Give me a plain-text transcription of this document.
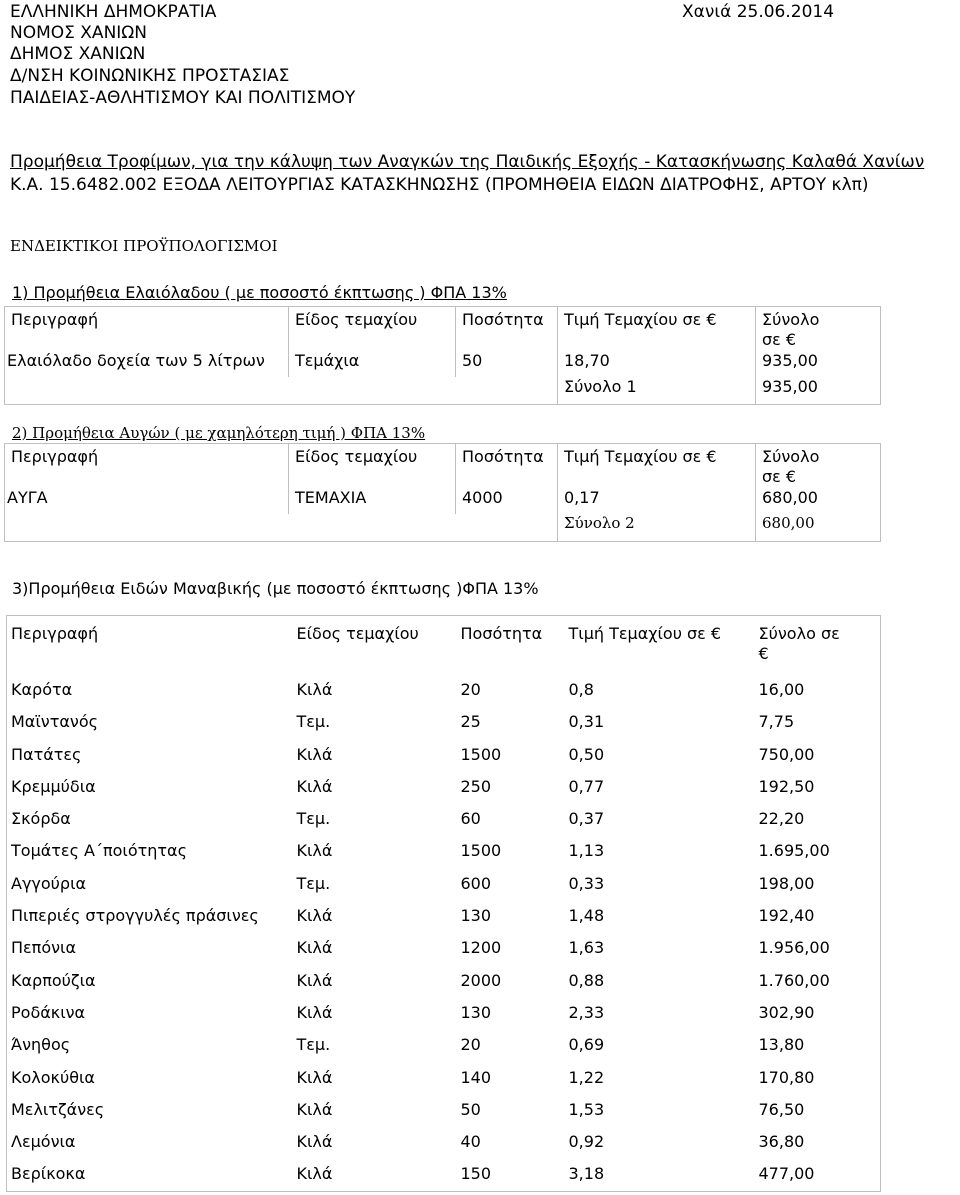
ΕΛΛΗΝΙΚΗ ΔΗΜΟΚΡΑΤΙΑ
ΝΟΜΟΣ ΧΑΝΙΩΝ
ΔΗΜΟΣ ΧΑΝΙΩΝ
Δ/ΝΣΗ ΚΟΙΝΩΝΙΚΗΣ ΠΡΟΣΤΑΣΙΑΣ
ΠΑΙΔΕΙΑΣ-ΑΘΛΗΤΙΣΜΟΥ ΚΑΙ ΠΟΛΙΤΙΣΜΟΥ
Χανιά 25.06.2014
Προμήθεια Τροφίμων, για την κάλυψη των Αναγκών της Παιδικής Εξοχής - Κατασκήνωσης Καλαθά Χανίων
Κ.Α. 15.6482.002 ΕΞΟΔΑ ΛΕΙΤΟΥΡΓΙΑΣ ΚΑΤΑΣΚΗΝΩΣΗΣ (ΠΡΟΜΗΘΕΙΑ ΕΙΔΩΝ ΔΙΑΤΡΟΦΗΣ, ΑΡΤΟΥ κλπ)
ΕΝΔΕΙΚΤΙΚΟΙ ΠΡΟΫΠΟΛΟΓΙΣΜΟΙ
1) Προμήθεια Ελαιόλαδου ( με ποσοστό έκπτωσης ) ΦΠΑ 13%
Περιγραφή	Είδος τεμαχίου	Ποσότητα	Τιμή Τεμαχίου σε €	Σύνολο
σε €
Ελαιόλαδο δοχεία των 5 λίτρων	Τεμάχια	50	18,70	935,00
			Σύνολο 1	935,00
2) Προμήθεια Αυγών ( με χαμηλότερη τιμή ) ΦΠΑ 13%
Περιγραφή	Είδος τεμαχίου	Ποσότητα	Τιμή Τεμαχίου σε €	Σύνολο
σε €
ΑΥΓΑ	ΤΕΜΑΧΙΑ	4000	0,17	680,00
			Σύνολο 2	680,00
3)Προμήθεια Ειδών Μαναβικής (με ποσοστό έκπτωσης )ΦΠΑ 13%
Περιγραφή	Είδος τεμαχίου	Ποσότητα	Τιμή Τεμαχίου σε €	Σύνολο σε
€
Καρότα	Κιλά	20	0,8	16,00
Μαϊντανός	Τεμ.	25	0,31	7,75
Πατάτες	Κιλά	1500	0,50	750,00
Κρεμμύδια	Κιλά	250	0,77	192,50
Σκόρδα	Τεμ.	60	0,37	22,20
Τομάτες Α΄ποιότητας	Κιλά	1500	1,13	1.695,00
Αγγούρια	Τεμ.	600	0,33	198,00
Πιπεριές στρογγυλές πράσινες	Κιλά	130	1,48	192,40
Πεπόνια	Κιλά	1200	1,63	1.956,00
Καρπούζια	Κιλά	2000	0,88	1.760,00
Ροδάκινα	Κιλά	130	2,33	302,90
Άνηθος	Τεμ.	20	0,69	13,80
Κολοκύθια	Κιλά	140	1,22	170,80
Μελιτζάνες	Κιλά	50	1,53	76,50
Λεμόνια	Κιλά	40	0,92	36,80
Βερίκοκα	Κιλά	150	3,18	477,00
